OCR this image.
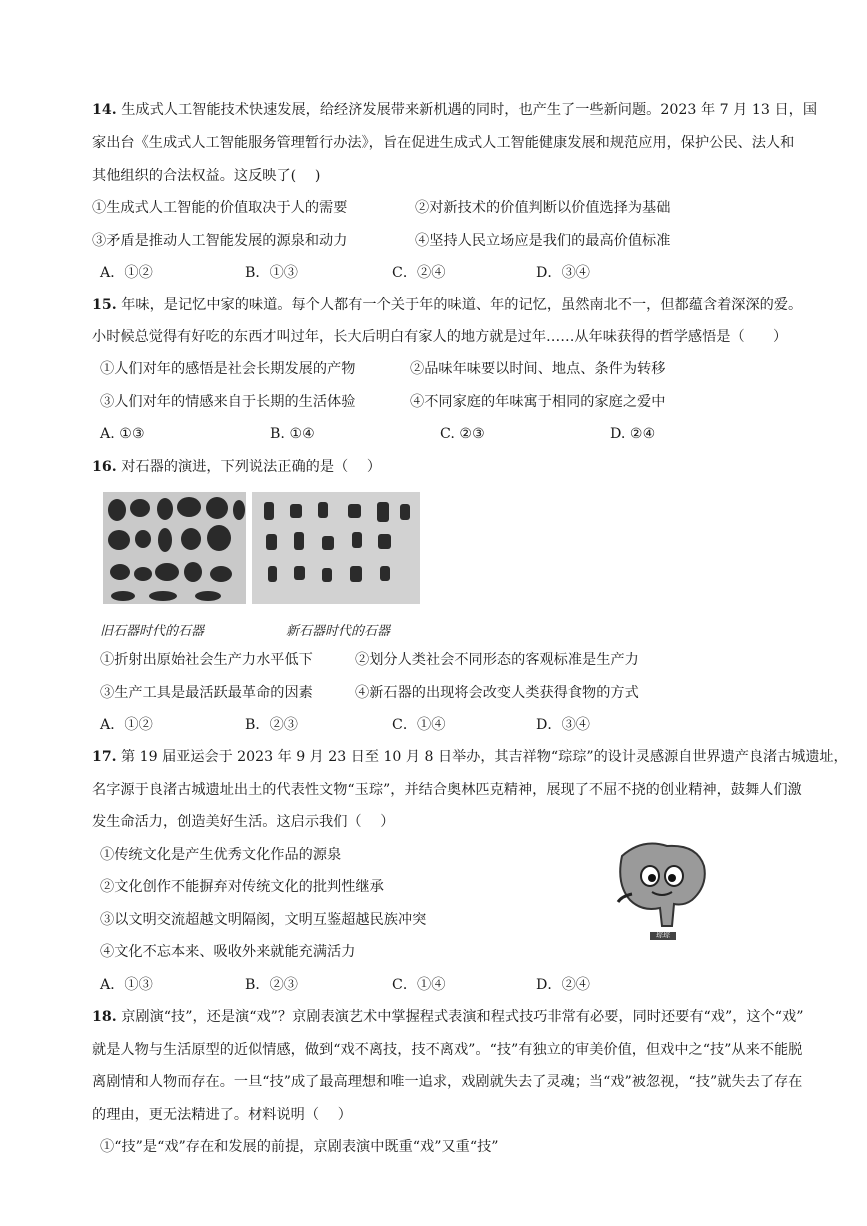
14. 生成式人工智能技术快速发展，给经济发展带来新机遇的同时，也产生了一些新问题。2023 年 7 月 13 日，国
家出台《生成式人工智能服务管理暂行办法》，旨在促进生成式人工智能健康发展和规范应用，保护公民、法人和
其他组织的合法权益。这反映了(　 )
①生成式人工智能的价值取决于人的需要	②对新技术的价值判断以价值选择为基础
③矛盾是推动人工智能发展的源泉和动力	④坚持人民立场应是我们的最高价值标准
A．①②	B．①③	C．②④	D．③④
15. 年味，是记忆中家的味道。每个人都有一个关于年的味道、年的记忆，虽然南北不一，但都蕴含着深深的爱。
小时候总觉得有好吃的东西才叫过年，长大后明白有家人的地方就是过年……从年味获得的哲学感悟是（　　）
①人们对年的感悟是社会长期发展的产物	②品味年味要以时间、地点、条件为转移
③人们对年的情感来自于长期的生活体验	④不同家庭的年味寓于相同的家庭之爱中
A. ①③	B. ①④	C. ②③	D. ②④
16. 对石器的演进，下列说法正确的是（　 ）
旧石器时代的石器	新石器时代的石器
①折射出原始社会生产力水平低下	②划分人类社会不同形态的客观标准是生产力
③生产工具是最活跃最革命的因素	④新石器的出现将会改变人类获得食物的方式
A．①②	B．②③	C．①④	D．③④
17. 第 19 届亚运会于 2023 年 9 月 23 日至 10 月 8 日举办，其吉祥物“琮琮”的设计灵感源自世界遗产良渚古城遗址，
名字源于良渚古城遗址出土的代表性文物“玉琮”，并结合奥林匹克精神，展现了不屈不挠的创业精神，鼓舞人们激
发生命活力，创造美好生活。这启示我们（　 ）
①传统文化是产生优秀文化作品的源泉
②文化创作不能摒弃对传统文化的批判性继承
③以文明交流超越文明隔阂，文明互鉴超越民族冲突
④文化不忘本来、吸收外来就能充满活力
琮琮
A．①③	B．②③	C．①④	D．②④
18. 京剧演“技”，还是演“戏”？京剧表演艺术中掌握程式表演和程式技巧非常有必要，同时还要有“戏”，这个“戏”
就是人物与生活原型的近似情感，做到“戏不离技，技不离戏”。“技”有独立的审美价值，但戏中之“技”从来不能脱
离剧情和人物而存在。一旦“技”成了最高理想和唯一追求，戏剧就失去了灵魂；当“戏”被忽视，“技”就失去了存在
的理由，更无法精进了。材料说明（　 ）
①“技”是“戏”存在和发展的前提，京剧表演中既重“戏”又重“技”
